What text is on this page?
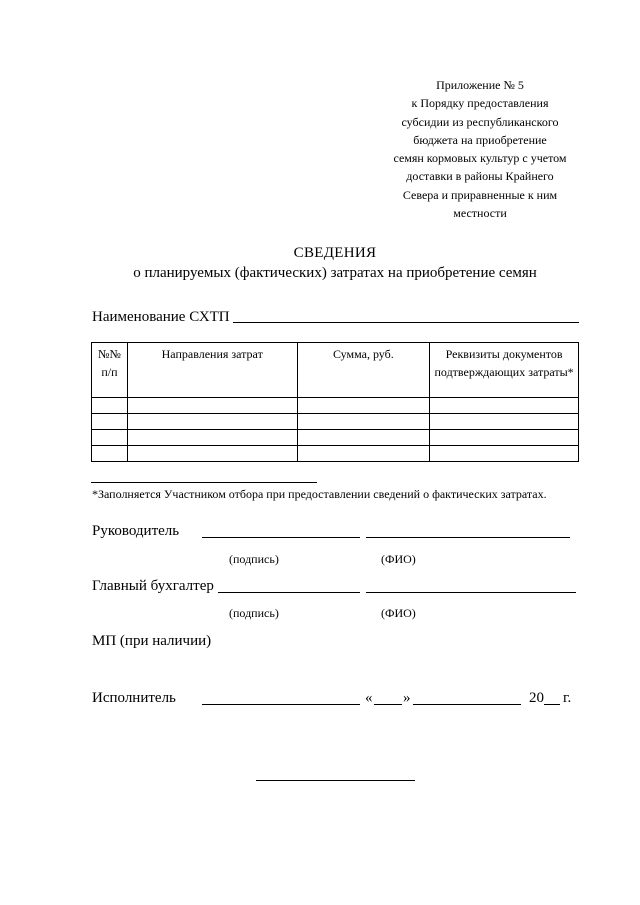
Приложение № 5
к Порядку предоставления
субсидии из республиканского
бюджета на приобретение
семян кормовых культур с учетом
доставки в районы Крайнего
Севера и приравненные к ним
местности
СВЕДЕНИЯ
о планируемых (фактических) затратах на приобретение семян
Наименование СХТП
№№ п/п	Направления затрат	Сумма, руб.	Реквизиты документов подтверждающих затраты*

*Заполняется Участником отбора при предоставлении сведений о фактических затратах.
Руководитель
(подпись)	(ФИО)
Главный бухгалтер
(подпись)	(ФИО)
МП (при наличии)
Исполнитель	« »	20 г.
